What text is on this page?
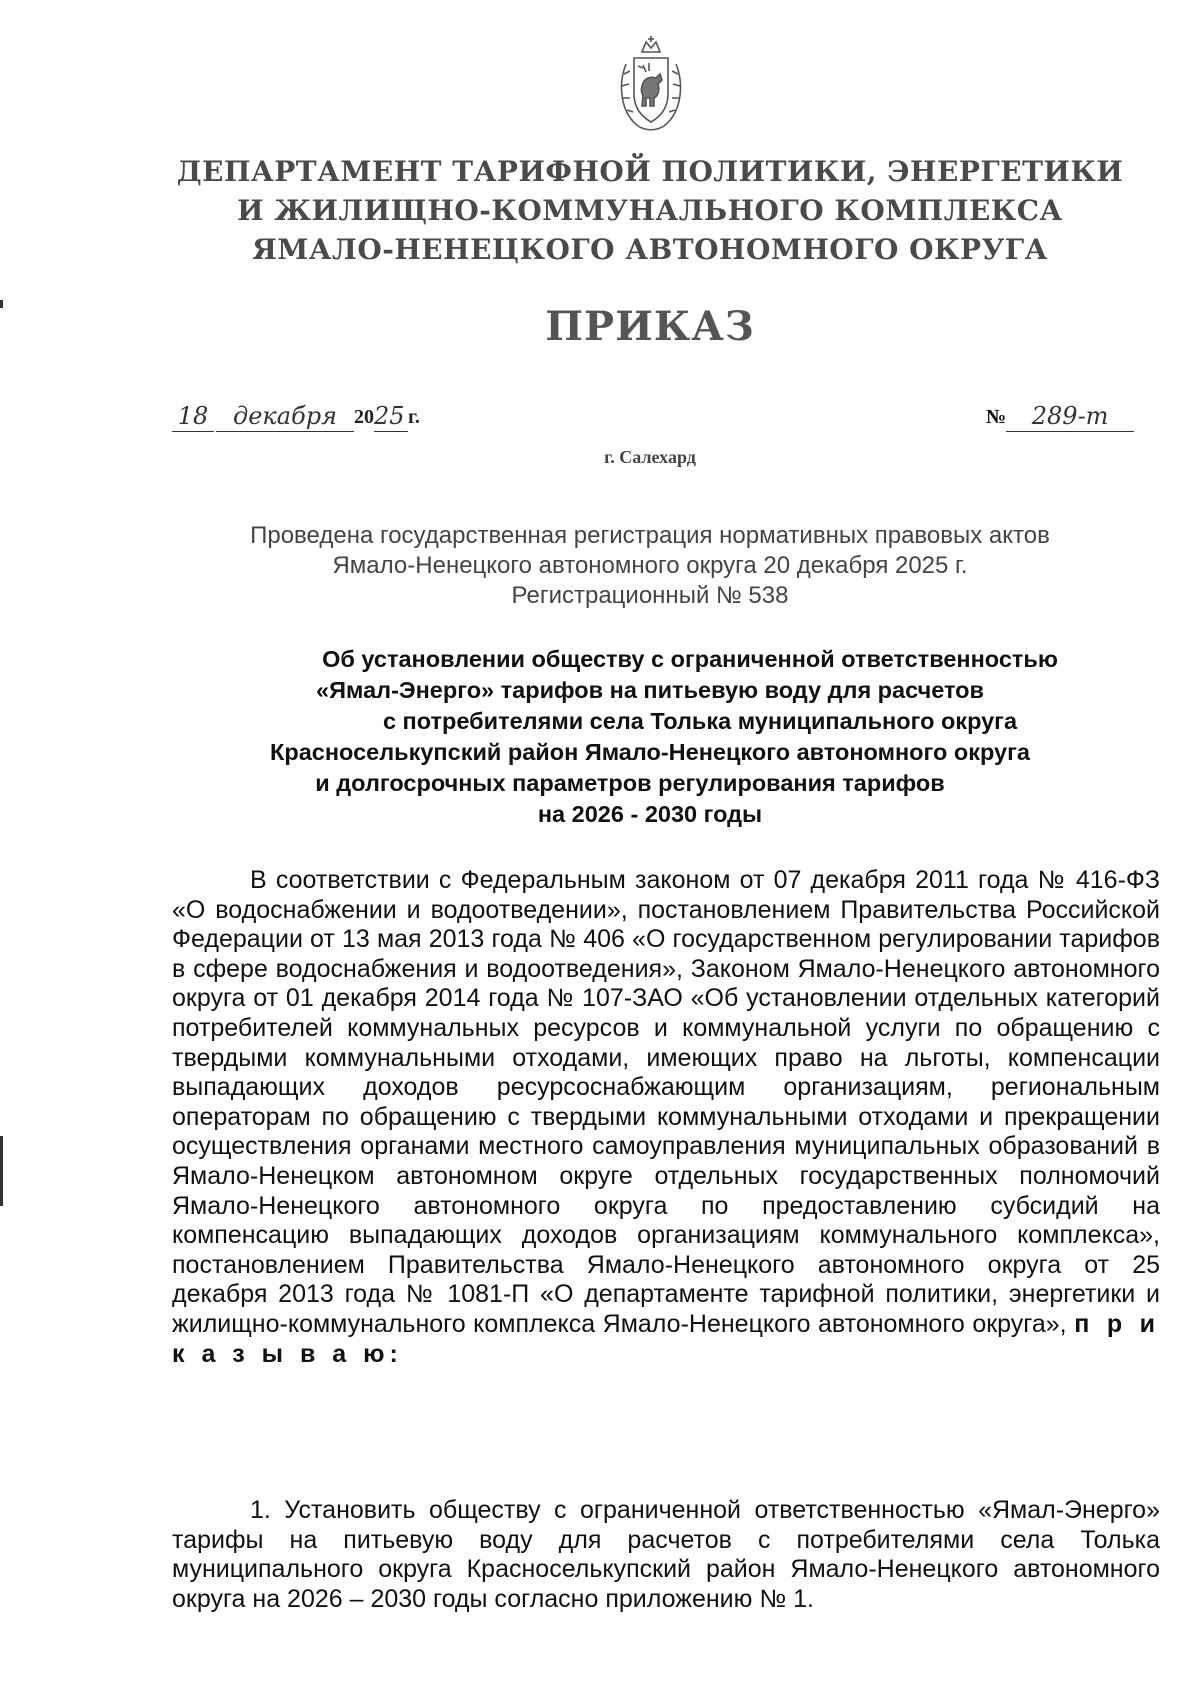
ДЕПАРТАМЕНТ ТАРИФНОЙ ПОЛИТИКИ, ЭНЕРГЕТИКИ
И ЖИЛИЩНО-КОММУНАЛЬНОГО КОМПЛЕКСА
ЯМАЛО-НЕНЕЦКОГО АВТОНОМНОГО ОКРУГА
ПРИКАЗ
18	декабря 20 25 г.	№	289-т
г. Салехард
Проведена государственная регистрация нормативных правовых актов
Ямало-Ненецкого автономного округа 20 декабря 2025 г.
Регистрационный № 538
Об установлении обществу с ограниченной ответственностью
«Ямал-Энерго» тарифов на питьевую воду для расчетов
с потребителями села Толька муниципального округа
Красноселькупский район Ямало-Ненецкого автономного округа
и долгосрочных параметров регулирования тарифов
на 2026 - 2030 годы
В соответствии с Федеральным законом от 07 декабря 2011 года № 416-ФЗ «О водоснабжении и водоотведении», постановлением Правительства Российской Федерации от 13 мая 2013 года № 406 «О государственном регулировании тарифов в сфере водоснабжения и водоотведения», Законом Ямало-Ненецкого автономного округа от 01 декабря 2014 года № 107-ЗАО «Об установлении отдельных категорий потребителей коммунальных ресурсов и коммунальной услуги по обращению с твердыми коммунальными отходами, имеющих право на льготы, компенсации выпадающих доходов ресурсоснабжающим организациям, региональным операторам по обращению с твердыми коммунальными отходами и прекращении осуществления органами местного самоуправления муниципальных образований в Ямало-Ненецком автономном округе отдельных государственных полномочий Ямало-Ненецкого автономного округа по предоставлению субсидий на компенсацию выпадающих доходов организациям коммунального комплекса», постановлением Правительства Ямало-Ненецкого автономного округа от 25 декабря 2013 года № 1081-П «О департаменте тарифной политики, энергетики и жилищно-коммунального комплекса Ямало-Ненецкого автономного округа», п р и к а з ы в а ю:
1. Установить обществу с ограниченной ответственностью «Ямал-Энерго» тарифы на питьевую воду для расчетов с потребителями села Толька муниципального округа Красноселькупский район Ямало-Ненецкого автономного округа на 2026 – 2030 годы согласно приложению № 1.
